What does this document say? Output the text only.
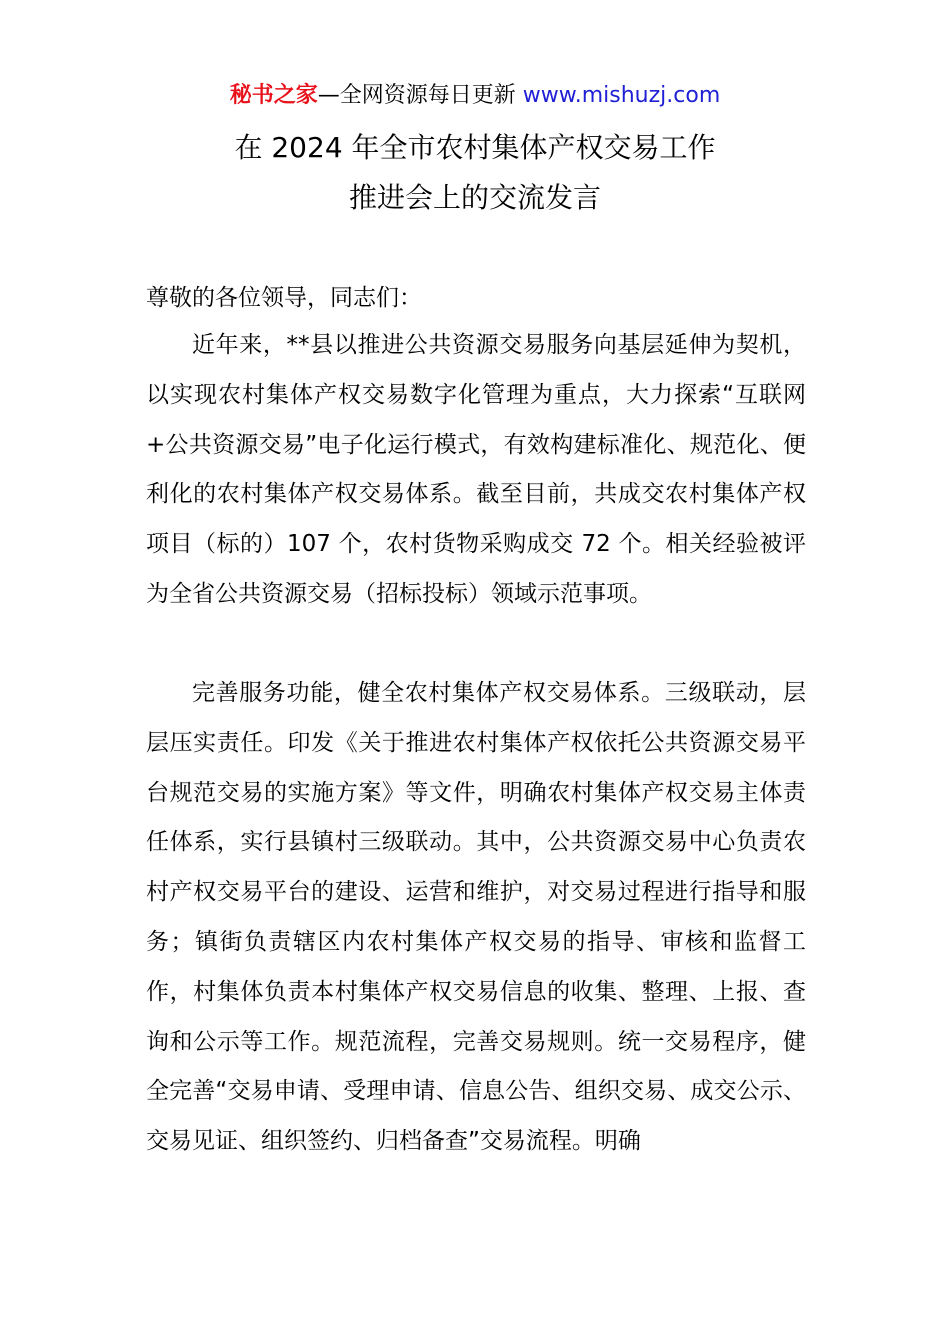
秘书之家—全网资源每日更新 www.mishuzj.com
在 2024 年全市农村集体产权交易工作
推进会上的交流发言
尊敬的各位领导，同志们：

近年来，**县以推进公共资源交易服务向基层延伸为契机，以实现农村集体产权交易数字化管理为重点，大力探索“互联网+公共资源交易”电子化运行模式，有效构建标准化、规范化、便利化的农村集体产权交易体系。截至目前，共成交农村集体产权项目（标的）107 个，农村货物采购成交 72 个。相关经验被评为全省公共资源交易（招标投标）领域示范事项。

完善服务功能，健全农村集体产权交易体系。三级联动，层层压实责任。印发《关于推进农村集体产权依托公共资源交易平台规范交易的实施方案》等文件，明确农村集体产权交易主体责任体系，实行县镇村三级联动。其中，公共资源交易中心负责农村产权交易平台的建设、运营和维护，对交易过程进行指导和服务；镇街负责辖区内农村集体产权交易的指导、审核和监督工作，村集体负责本村集体产权交易信息的收集、整理、上报、查询和公示等工作。规范流程，完善交易规则。统一交易程序，健全完善“交易申请、受理申请、信息公告、组织交易、成交公示、交易见证、组织签约、归档备查”交易流程。明确
